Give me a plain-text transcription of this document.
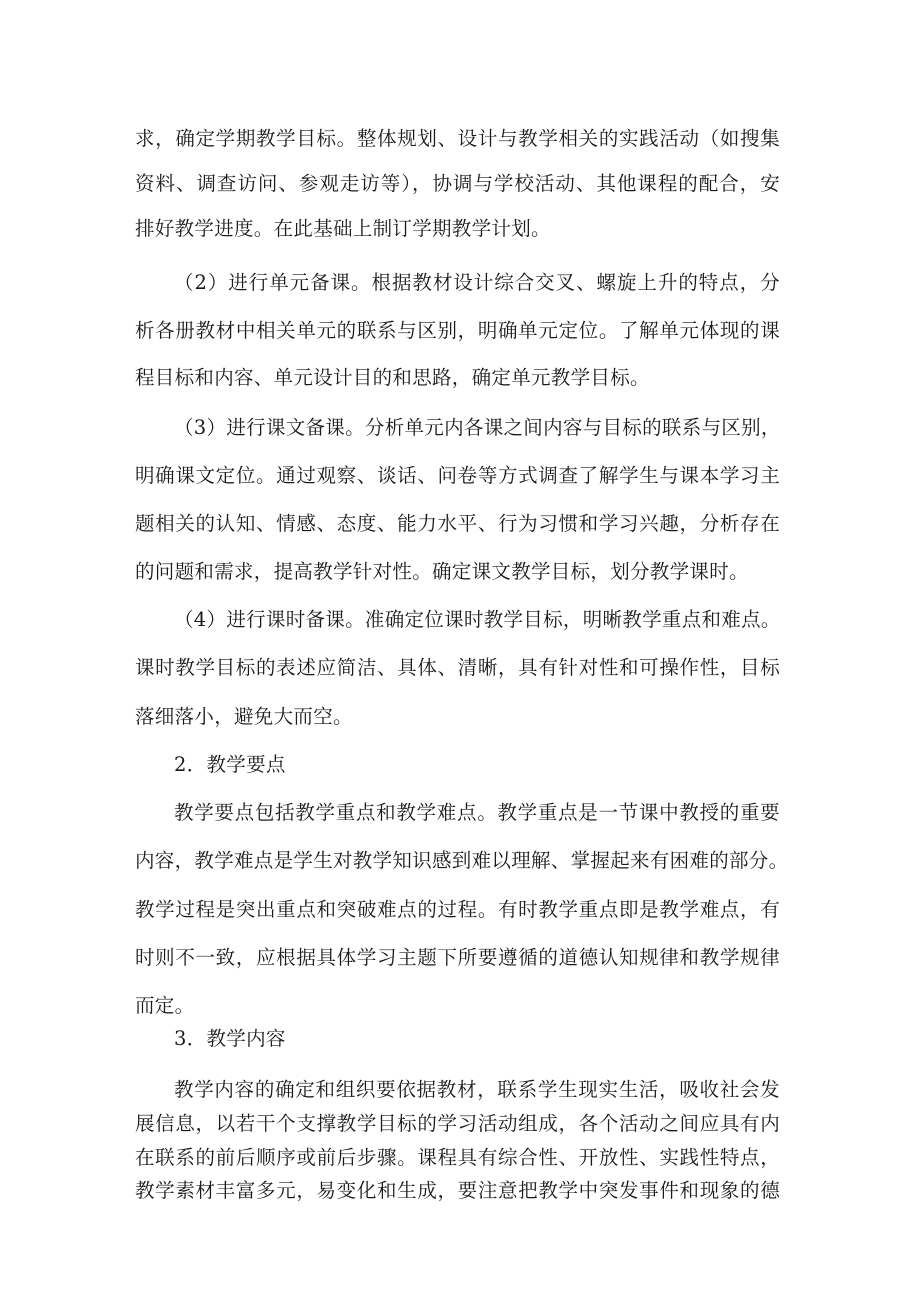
求，确定学期教学目标。整体规划、设计与教学相关的实践活动（如搜集
资料、调查访问、参观走访等），协调与学校活动、其他课程的配合，安
排好教学进度。在此基础上制订学期教学计划。
（2）进行单元备课。根据教材设计综合交叉、螺旋上升的特点，分
析各册教材中相关单元的联系与区别，明确单元定位。了解单元体现的课
程目标和内容、单元设计目的和思路，确定单元教学目标。
（3）进行课文备课。分析单元内各课之间内容与目标的联系与区别，
明确课文定位。通过观察、谈话、问卷等方式调查了解学生与课本学习主
题相关的认知、情感、态度、能力水平、行为习惯和学习兴趣，分析存在
的问题和需求，提高教学针对性。确定课文教学目标，划分教学课时。
（4）进行课时备课。准确定位课时教学目标，明晰教学重点和难点。
课时教学目标的表述应简洁、具体、清晰，具有针对性和可操作性，目标
落细落小，避免大而空。
2．教学要点
教学要点包括教学重点和教学难点。教学重点是一节课中教授的重要
内容，教学难点是学生对教学知识感到难以理解、掌握起来有困难的部分。
教学过程是突出重点和突破难点的过程。有时教学重点即是教学难点，有
时则不一致，应根据具体学习主题下所要遵循的道德认知规律和教学规律
而定。
3．教学内容
教学内容的确定和组织要依据教材，联系学生现实生活，吸收社会发
展信息，以若干个支撑教学目标的学习活动组成，各个活动之间应具有内
在联系的前后顺序或前后步骤。课程具有综合性、开放性、实践性特点，
教学素材丰富多元，易变化和生成，要注意把教学中突发事件和现象的德
